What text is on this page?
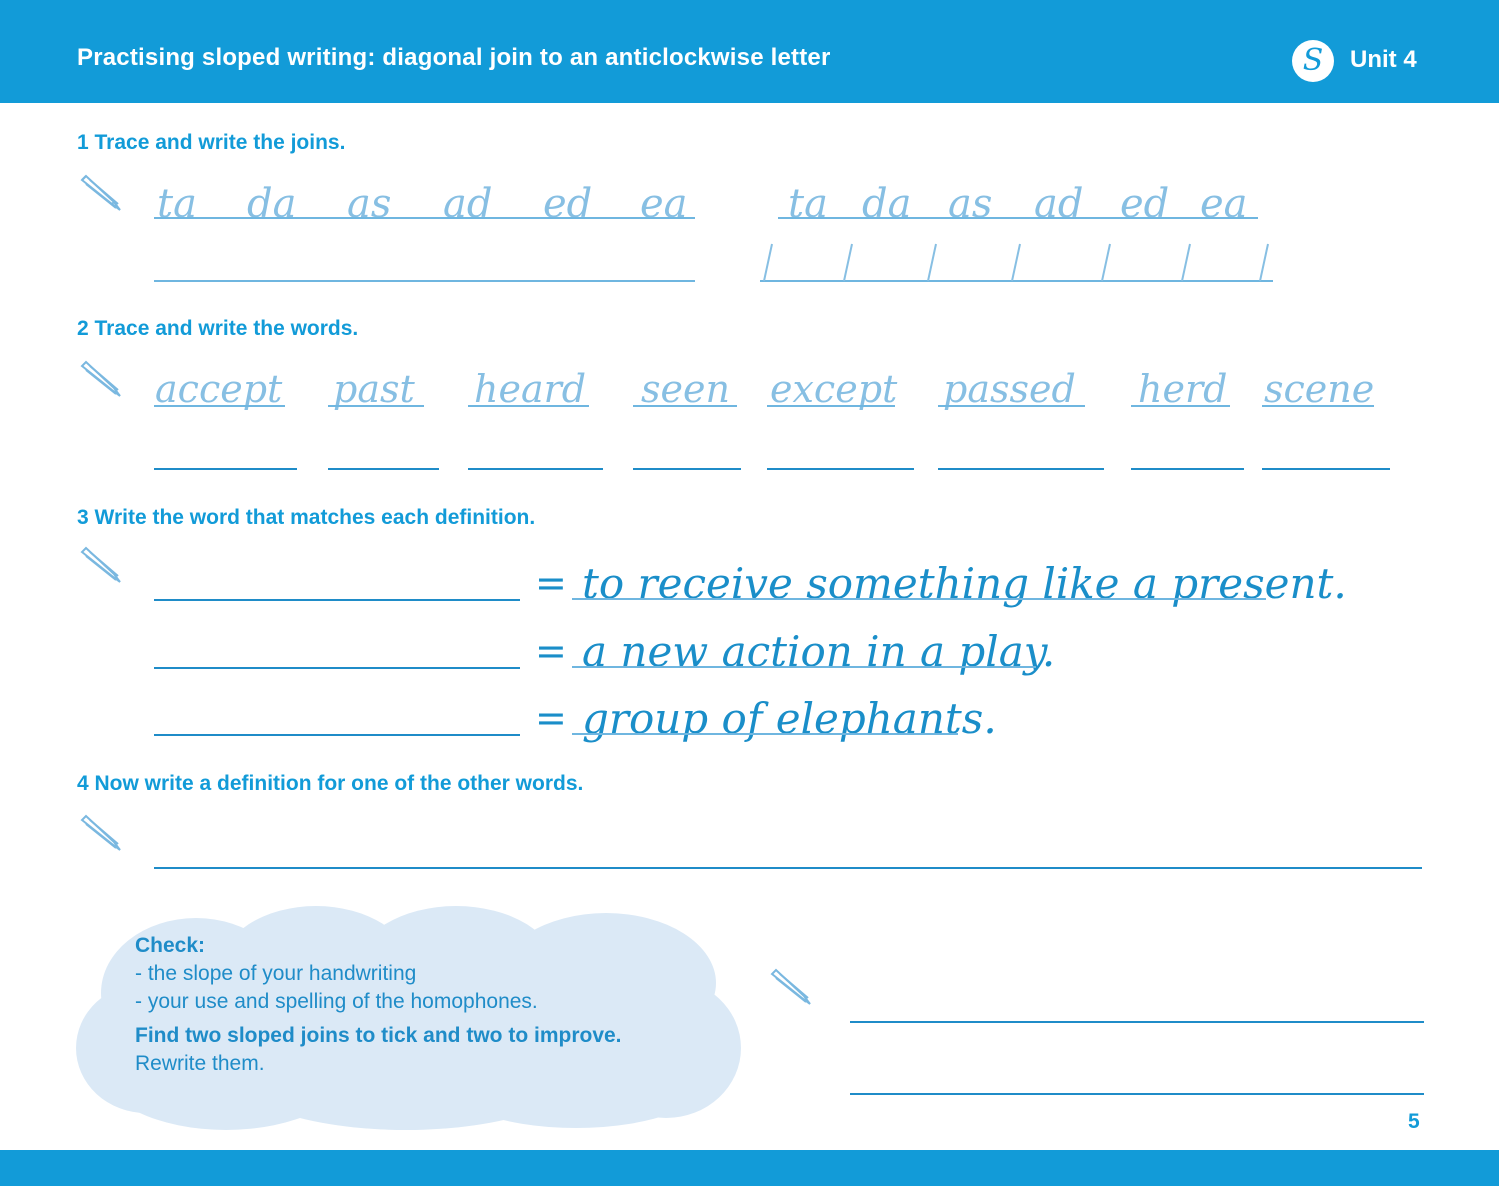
Practising sloped writing: diagonal join to an anticlockwise letter	S	Unit 4
1 Trace and write the joins.
ta da as ad ed ea	ta da as ad ed ea
2 Trace and write the words.
accept past heard seen except passed herd scene
3 Write the word that matches each definition.
= to receive something like a present.
= a new action in a play.
= group of elephants.
4 Now write a definition for one of the other words.
Check:
- the slope of your handwriting
- your use and spelling of the homophones.
Find two sloped joins to tick and two to improve.
Rewrite them.
5
